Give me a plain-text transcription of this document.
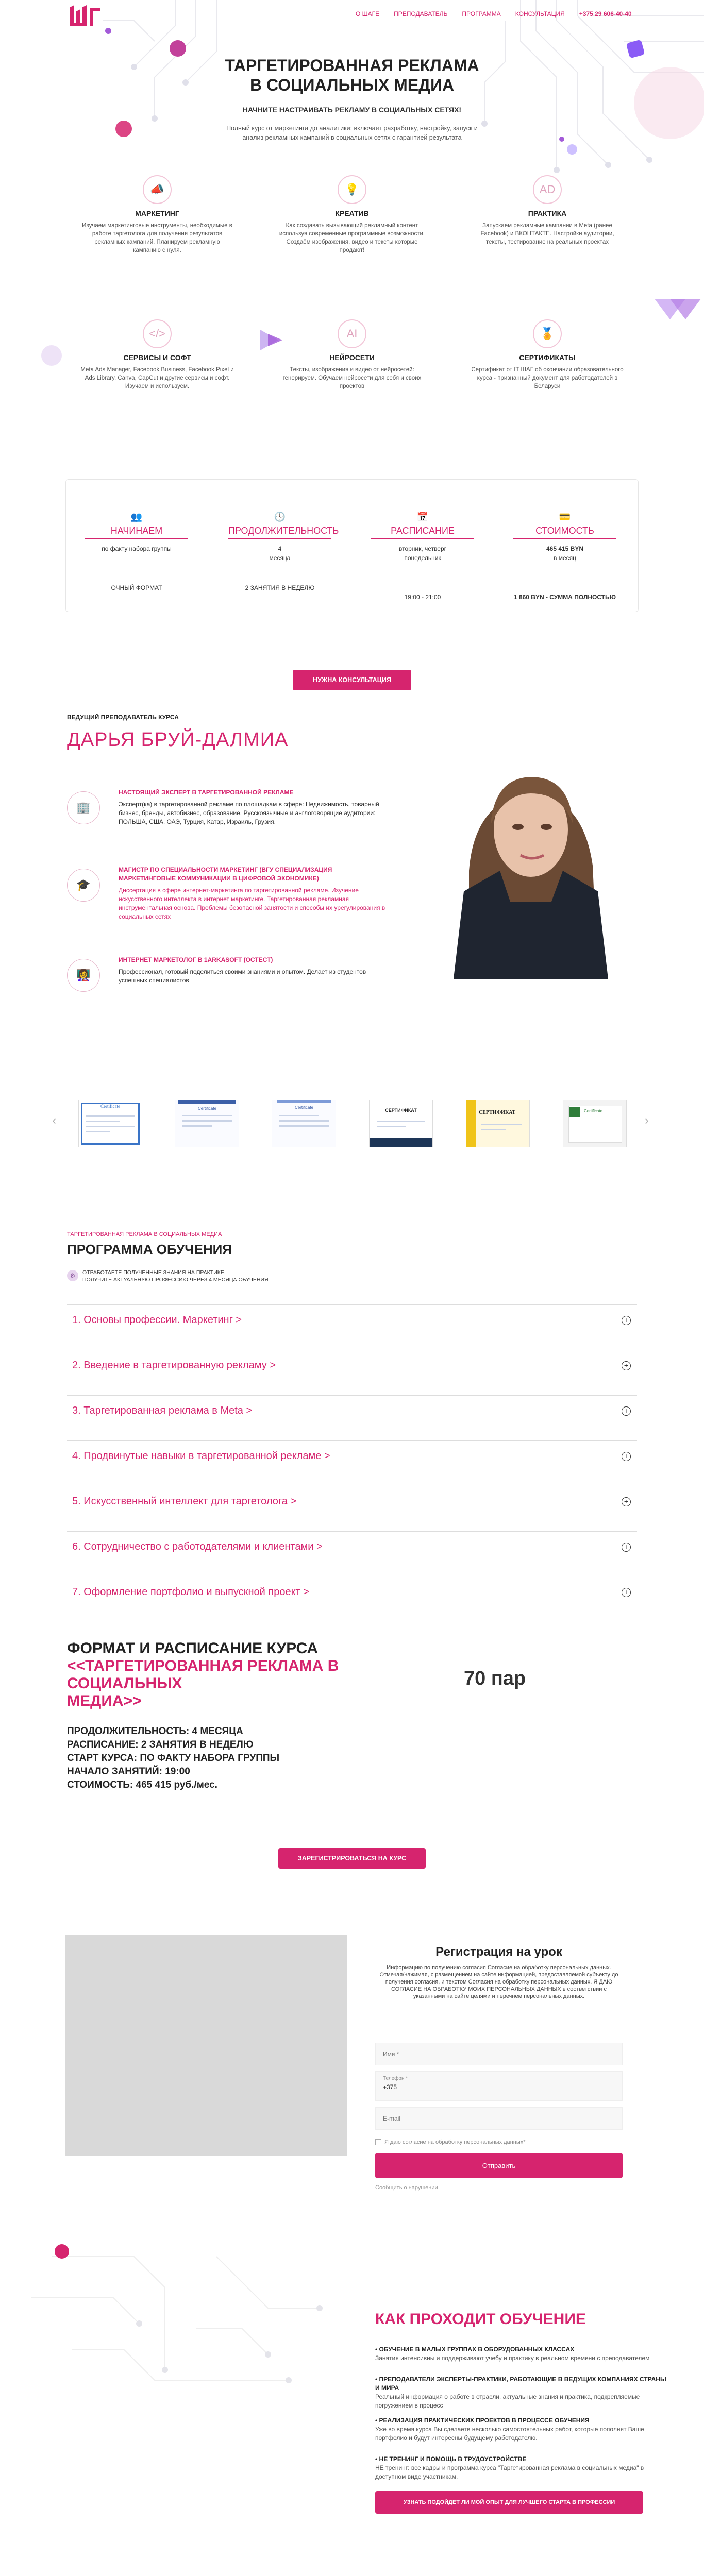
О ШАГЕ ПРЕПОДАВАТЕЛЬ ПРОГРАММА КОНСУЛЬТАЦИЯ +375 29 606-40-40
ТАРГЕТИРОВАННАЯ РЕКЛАМА
В СОЦИАЛЬНЫХ МЕДИА
НАЧНИТЕ НАСТРАИВАТЬ РЕКЛАМУ В СОЦИАЛЬНЫХ СЕТЯХ!
Полный курс от маркетинга до аналитики: включает разработку, настройку, запуск и анализ рекламных кампаний в социальных сетях с гарантией результата
📣
МАРКЕТИНГ

Изучаем маркетинговые инструменты, необходимые в работе таргетолога для получения результатов рекламных кампаний. Планируем рекламную кампанию с нуля.

💡
КРЕАТИВ

Как создавать вызывающий рекламный контент используя современные программные возможности. Создаём изображения, видео и тексты которые продают!

AD
ПРАКТИКА

Запускаем рекламные кампании в Meta (ранее Facebook) и ВКОНТАКТЕ. Настройки аудитории, тексты, тестирование на реальных проектах

</>
СЕРВИСЫ И СОФТ

Meta Ads Manager, Facebook Business, Facebook Pixel и Ads Library, Canva, CapCut и другие сервисы и софт. Изучаем и используем.

AI
НЕЙРОСЕТИ

Тексты, изображения и видео от нейросетей: генерируем. Обучаем нейросети для себя и своих проектов

🏅
СЕРТИФИКАТЫ

Сертификат от IT ШАГ об окончании образовательного курса - признанный документ для работодателей в Беларуси

👥
НАЧИНАЕМ

по факту набора группы

ОЧНЫЙ ФОРМАТ

🕓
ПРОДОЛЖИТЕЛЬНОСТЬ

4

месяца

2 ЗАНЯТИЯ В НЕДЕЛЮ

📅
РАСПИСАНИЕ

вторник, четверг

понедельник

19:00 - 21:00

💳
СТОИМОСТЬ

465 415 BYN

в месяц

1 860 BYN - СУММА ПОЛНОСТЬЮ

НУЖНА КОНСУЛЬТАЦИЯ
ВЕДУЩИЙ ПРЕПОДАВАТЕЛЬ КУРСА
ДАРЬЯ БРУЙ-ДАЛМИА
🏢
НАСТОЯЩИЙ ЭКСПЕРТ В ТАРГЕТИРОВАННОЙ РЕКЛАМЕ

Эксперт(ка) в таргетированной рекламе по площадкам в сфере: Недвижимость, товарный бизнес, бренды, автобизнес, образование. Русскоязычные и англоговорящие аудитории: ПОЛЬША, США, ОАЭ, Турция, Катар, Израиль, Грузия.

🎓
МАГИСТР ПО СПЕЦИАЛЬНОСТИ МАРКЕТИНГ (ВГУ СПЕЦИАЛИЗАЦИЯ МАРКЕТИНГОВЫЕ КОММУНИКАЦИИ В ЦИФРОВОЙ ЭКОНОМИКЕ)

Диссертация в сфере интернет-маркетинга по таргетированной рекламе. Изучение искусственного интеллекта в интернет маркетинге. Таргетированная рекламная инструментальная основа. Проблемы безопасной занятости и способы их урегулирования в социальных сетях

👩‍🏫
ИНТЕРНЕТ МАРКЕТОЛОГ В 1ARKASOFT (ОСТЕСТ)

Профессионал, готовый поделиться своими знаниями и опытом. Делает из студентов успешных специалистов

‹	›
Certificate	Certificate	Certificate
СЕРТИФИКАТ	СЕРТИФИКАТ	Certificate
ТАРГЕТИРОВАННАЯ РЕКЛАМА В СОЦИАЛЬНЫХ МЕДИА
ПРОГРАММА ОБУЧЕНИЯ
⚙	ОТРАБОТАЕТЕ ПОЛУЧЕННЫЕ ЗНАНИЯ НА ПРАКТИКЕ.
ПОЛУЧИТЕ АКТУАЛЬНУЮ ПРОФЕССИЮ ЧЕРЕЗ 4 МЕСЯЦА ОБУЧЕНИЯ
1. Основы профессии. Маркетинг >	+
2. Введение в таргетированную рекламу >	+
3. Таргетированная реклама в Meta >	+
4. Продвинутые навыки в таргетированной рекламе >	+
5. Искусственный интеллект для таргетолога >	+
6. Сотрудничество с работодателями и клиентами >	+
7. Оформление портфолио и выпускной проект >	+
ФОРМАТ И РАСПИСАНИЕ КУРСА
<<ТАРГЕТИРОВАННАЯ РЕКЛАМА В СОЦИАЛЬНЫХ
МЕДИА>>
70 пар
ПРОДОЛЖИТЕЛЬНОСТЬ: 4 МЕСЯЦА
РАСПИСАНИЕ: 2 ЗАНЯТИЯ В НЕДЕЛЮ
СТАРТ КУРСА: ПО ФАКТУ НАБОРА ГРУППЫ
НАЧАЛО ЗАНЯТИЙ: 19:00
СТОИМОСТЬ: 465 415 руб./мес.
ЗАРЕГИСТРИРОВАТЬСЯ НА КУРС
Регистрация на урок
Информацию по получению согласия Согласие на обработку персональных данных. Отмечая/нажимая, с размещением на сайте информацией, предоставляемой субъекту до получения согласия, и текстом Согласия на обработку персональных данных. Я ДАЮ СОГЛАСИЕ НА ОБРАБОТКУ МОИХ ПЕРСОНАЛЬНЫХ ДАННЫХ в соответствии с указанными на сайте целями и перечнем персональных данных.
Имя *
Телефон *
+375
E-mail
Я даю согласие на обработку персональных данных*
Отправить
Сообщить о нарушении
КАК ПРОХОДИТ ОБУЧЕНИЕ
• ОБУЧЕНИЕ В МАЛЫХ ГРУППАХ В ОБОРУДОВАННЫХ КЛАССАХ

Занятия интенсивны и поддерживают учебу и практику в реальном времени с преподавателем

• ПРЕПОДАВАТЕЛИ ЭКСПЕРТЫ-ПРАКТИКИ, РАБОТАЮЩИЕ В ВЕДУЩИХ КОМПАНИЯХ СТРАНЫ И МИРА

Реальный информация о работе в отрасли, актуальные знания и практика, подкрепляемые погружением в процесс

• РЕАЛИЗАЦИЯ ПРАКТИЧЕСКИХ ПРОЕКТОВ В ПРОЦЕССЕ ОБУЧЕНИЯ

Уже во время курса Вы сделаете несколько самостоятельных работ, которые пополнят Ваше портфолио и будут интересны будущему работодателю.

• НЕ ТРЕНИНГ И ПОМОЩЬ В ТРУДОУСТРОЙСТВЕ

НЕ тренинг: все кадры и программа курса "Таргетированная реклама в социальных медиа" в доступном виде участникам.

УЗНАТЬ ПОДОЙДЕТ ЛИ МОЙ ОПЫТ ДЛЯ ЛУЧШЕГО СТАРТА В ПРОФЕССИИ
